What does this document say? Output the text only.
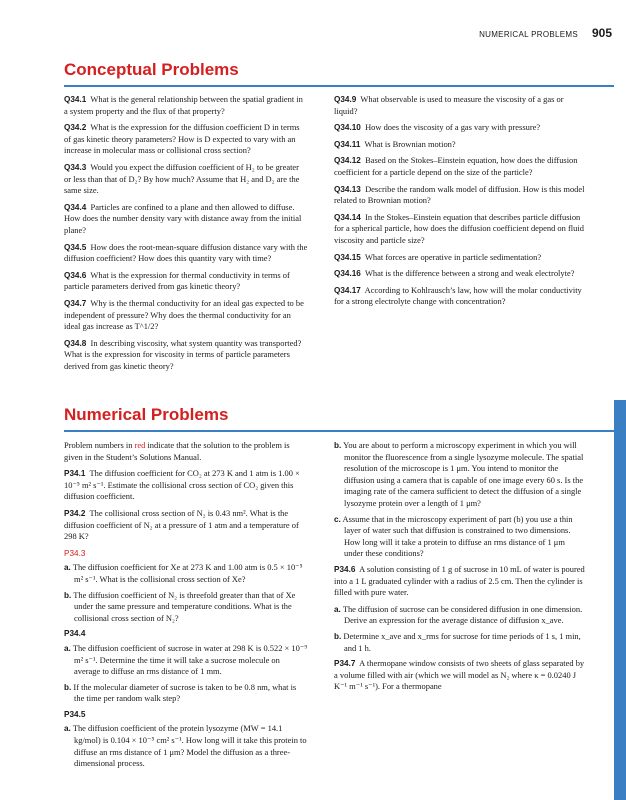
NUMERICAL PROBLEMS 905
Conceptual Problems

Q34.1 What is the general relationship between the spatial gradient in a system property and the flux of that property?

Q34.2 What is the expression for the diffusion coefficient D in terms of gas kinetic theory parameters? How is D expected to vary with an increase in molecular mass or collisional cross section?

Q34.3 Would you expect the diffusion coefficient of H₂ to be greater or less than that of D₂? By how much? Assume that H₂ and D₂ are the same size.

Q34.4 Particles are confined to a plane and then allowed to diffuse. How does the number density vary with distance away from the initial plane?

Q34.5 How does the root-mean-square diffusion distance vary with the diffusion coefficient? How does this quantity vary with time?

Q34.6 What is the expression for thermal conductivity in terms of particle parameters derived from gas kinetic theory?

Q34.7 Why is the thermal conductivity for an ideal gas expected to be independent of pressure? Why does the thermal conductivity for an ideal gas increase as T^1/2?

Q34.8 In describing viscosity, what system quantity was transported? What is the expression for viscosity in terms of particle parameters derived from gas kinetic theory?

Q34.9 What observable is used to measure the viscosity of a gas or liquid?

Q34.10 How does the viscosity of a gas vary with pressure?

Q34.11 What is Brownian motion?

Q34.12 Based on the Stokes–Einstein equation, how does the diffusion coefficient for a particle depend on the size of the particle?

Q34.13 Describe the random walk model of diffusion. How is this model related to Brownian motion?

Q34.14 In the Stokes–Einstein equation that describes particle diffusion for a spherical particle, how does the diffusion coefficient depend on fluid viscosity and particle size?

Q34.15 What forces are operative in particle sedimentation?

Q34.16 What is the difference between a strong and weak electrolyte?

Q34.17 According to Kohlrausch’s law, how will the molar conductivity for a strong electrolyte change with concentration?

Numerical Problems

Problem numbers in red indicate that the solution to the problem is given in the Student’s Solutions Manual.

P34.1 The diffusion coefficient for CO₂ at 273 K and 1 atm is 1.00 × 10⁻⁵ m² s⁻¹. Estimate the collisional cross section of CO₂ given this diffusion coefficient.

P34.2 The collisional cross section of N₂ is 0.43 nm². What is the diffusion coefficient of N₂ at a pressure of 1 atm and a temperature of 298 K?

P34.3

a. The diffusion coefficient for Xe at 273 K and 1.00 atm is 0.5 × 10⁻⁵ m² s⁻¹. What is the collisional cross section of Xe?

b. The diffusion coefficient of N₂ is threefold greater than that of Xe under the same pressure and temperature conditions. What is the collisional cross section of N₂?

P34.4

a. The diffusion coefficient of sucrose in water at 298 K is 0.522 × 10⁻⁹ m² s⁻¹. Determine the time it will take a sucrose molecule on average to diffuse an rms distance of 1 mm.

b. If the molecular diameter of sucrose is taken to be 0.8 nm, what is the time per random walk step?

P34.5

a. The diffusion coefficient of the protein lysozyme (MW = 14.1 kg/mol) is 0.104 × 10⁻⁵ cm² s⁻¹. How long will it take this protein to diffuse an rms distance of 1 μm? Model the diffusion as a three-dimensional process.

b. You are about to perform a microscopy experiment in which you will monitor the fluorescence from a single lysozyme molecule. The spatial resolution of the microscope is 1 μm. You intend to monitor the diffusion using a camera that is capable of one image every 60 s. Is the imaging rate of the camera sufficient to detect the diffusion of a single lysozyme protein over a length of 1 μm?

c. Assume that in the microscopy experiment of part (b) you use a thin layer of water such that diffusion is constrained to two dimensions. How long will it take a protein to diffuse an rms distance of 1 μm under these conditions?

P34.6 A solution consisting of 1 g of sucrose in 10 mL of water is poured into a 1 L graduated cylinder with a radius of 2.5 cm. Then the cylinder is filled with pure water.

a. The diffusion of sucrose can be considered diffusion in one dimension. Derive an expression for the average distance of diffusion x_ave.

b. Determine x_ave and x_rms for sucrose for time periods of 1 s, 1 min, and 1 h.

P34.7 A thermopane window consists of two sheets of glass separated by a volume filled with air (which we will model as N₂ where κ = 0.0240 J K⁻¹ m⁻¹ s⁻¹). For a thermopane
